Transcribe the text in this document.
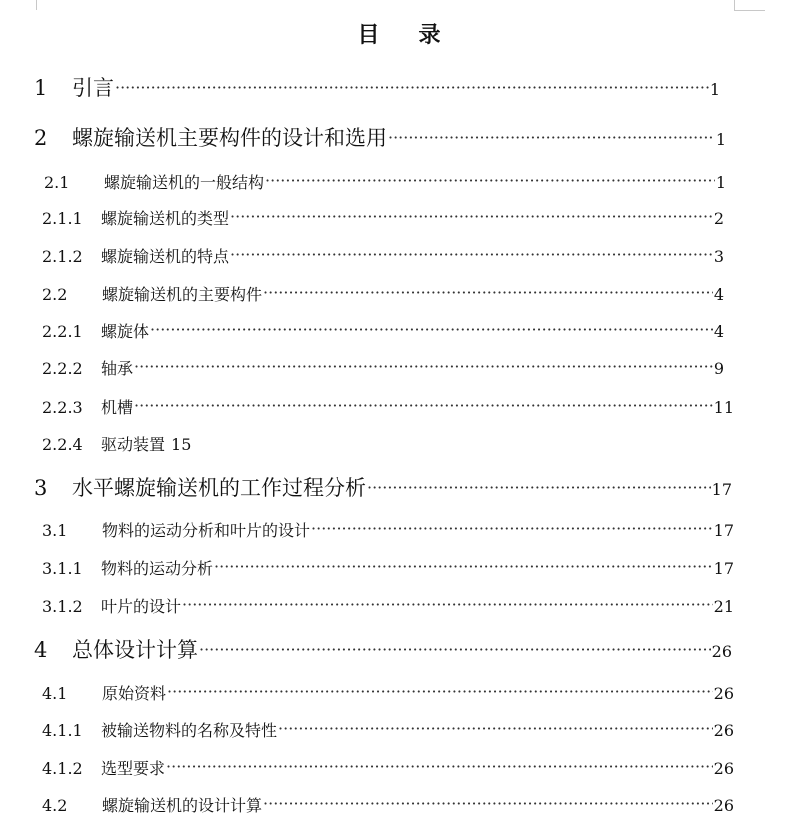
目 录
1	引言 ·····	1
2	螺旋输送机主要构件的设计和选用 ·····	1
2.1	螺旋输送机的一般结构 ·····	1
2.1.1	螺旋输送机的类型 ·····	2
2.1.2	螺旋输送机的特点 ·····	3
2.2	螺旋输送机的主要构件 ·····	4
2.2.1	螺旋体 ·····	4
2.2.2	轴承 ·····	9
2.2.3	机槽 ·····	11
2.2.4	驱动装置 15
3	水平螺旋输送机的工作过程分析 ·····	17
3.1	物料的运动分析和叶片的设计 ·····	17
3.1.1	物料的运动分析 ·····	17
3.1.2	叶片的设计 ·····	21
4	总体设计计算 ·····	26
4.1	原始资料 ·····	26
4.1.1	被输送物料的名称及特性 ·····	26
4.1.2	选型要求 ·····	26
4.2	螺旋输送机的设计计算 ·····	26
